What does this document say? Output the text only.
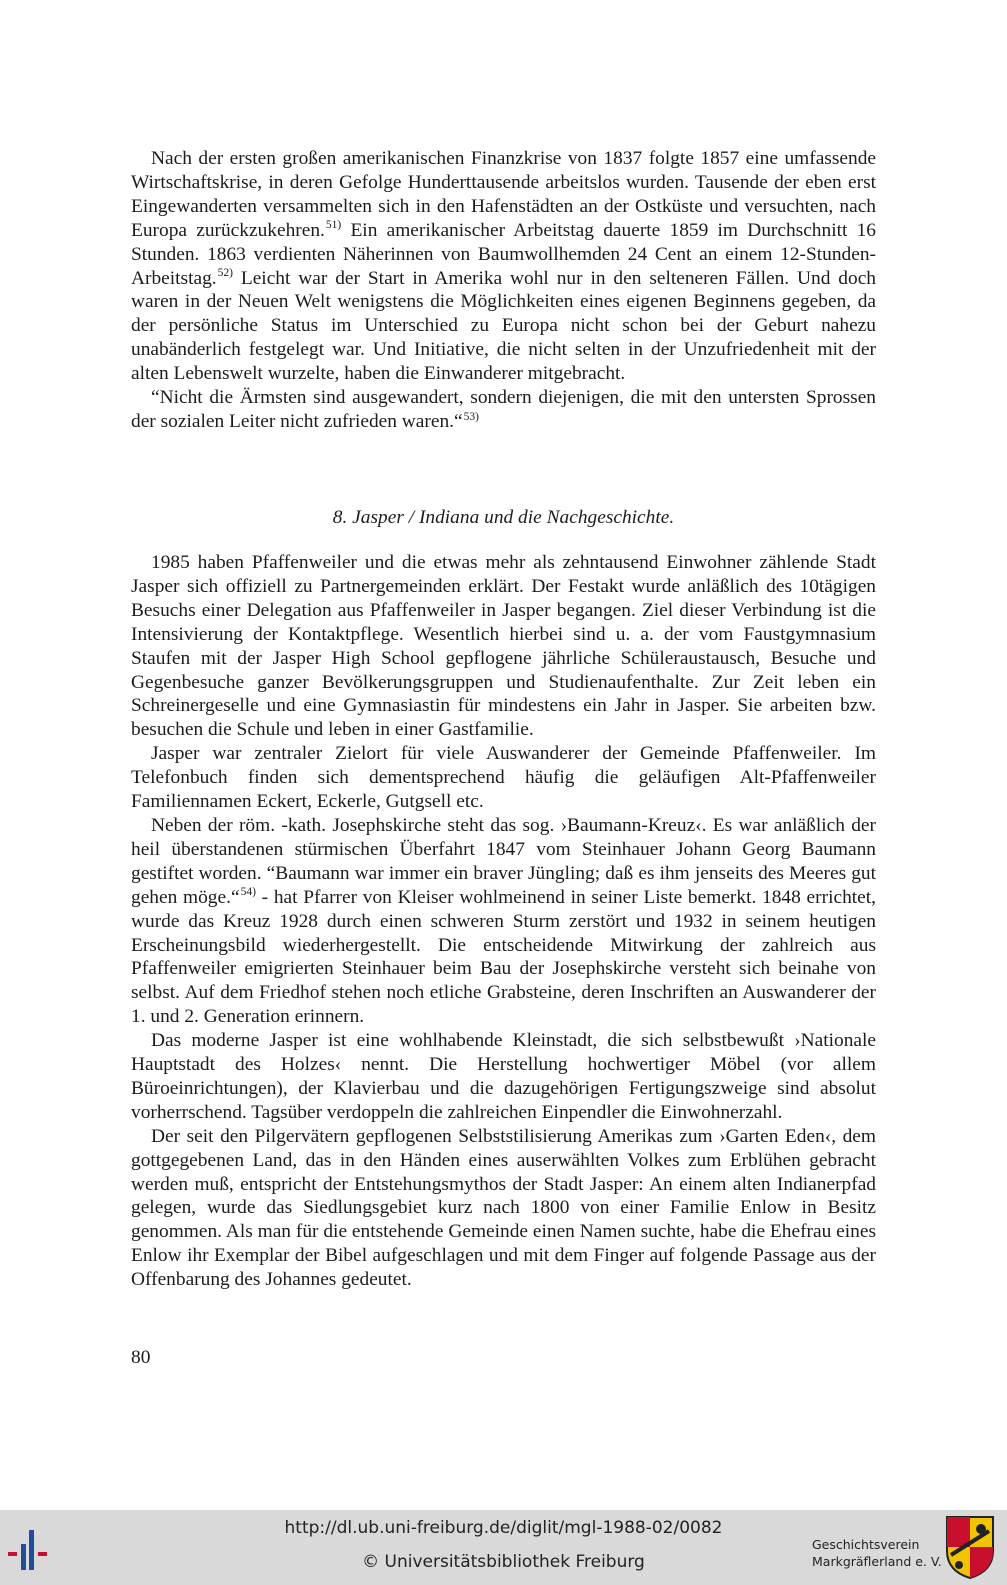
Nach der ersten großen amerikanischen Finanzkrise von 1837 folgte 1857 eine umfassende Wirtschaftskrise, in deren Gefolge Hunderttausende arbeitslos wurden. Tausende der eben erst Eingewanderten versammelten sich in den Hafenstädten an der Ostküste und versuchten, nach Europa zurückzukehren.$^{51)}$ Ein amerikanischer Arbeitstag dauerte 1859 im Durchschnitt 16 Stunden. 1863 verdienten Näherinnen von Baumwollhemden 24 Cent an einem 12-Stunden-Arbeitstag.$^{52)}$ Leicht war der Start in Amerika wohl nur in den selteneren Fällen. Und doch waren in der Neuen Welt wenigstens die Möglichkeiten eines eigenen Beginnens gegeben, da der persönliche Status im Unterschied zu Europa nicht schon bei der Geburt nahezu unabänderlich festgelegt war. Und Initiative, die nicht selten in der Unzufriedenheit mit der alten Lebenswelt wurzelte, haben die Einwanderer mitgebracht.

“Nicht die Ärmsten sind ausgewandert, sondern diejenigen, die mit den untersten Sprossen der sozialen Leiter nicht zufrieden waren.“$^{53)}$

8. Jasper / Indiana und die Nachgeschichte.

1985 haben Pfaffenweiler und die etwas mehr als zehntausend Einwohner zählende Stadt Jasper sich offiziell zu Partnergemeinden erklärt. Der Festakt wurde anläßlich des 10tägigen Besuchs einer Delegation aus Pfaffenweiler in Jasper begangen. Ziel dieser Verbindung ist die Intensivierung der Kontaktpflege. Wesentlich hierbei sind u. a. der vom Faustgymnasium Staufen mit der Jasper High School gepflogene jährliche Schüleraustausch, Besuche und Gegenbesuche ganzer Bevölkerungsgruppen und Studienaufenthalte. Zur Zeit leben ein Schreinergeselle und eine Gymnasiastin für mindestens ein Jahr in Jasper. Sie arbeiten bzw. besuchen die Schule und leben in einer Gastfamilie.

Jasper war zentraler Zielort für viele Auswanderer der Gemeinde Pfaffenweiler. Im Telefonbuch finden sich dementsprechend häufig die geläufigen Alt-Pfaffenweiler Familiennamen Eckert, Eckerle, Gutgsell etc.

Neben der röm. -kath. Josephskirche steht das sog. ›Baumann-Kreuz‹. Es war anläßlich der heil überstandenen stürmischen Überfahrt 1847 vom Steinhauer Johann Georg Baumann gestiftet worden. “Baumann war immer ein braver Jüngling; daß es ihm jenseits des Meeres gut gehen möge.“$^{54)}$ - hat Pfarrer von Kleiser wohlmeinend in seiner Liste bemerkt. 1848 errichtet, wurde das Kreuz 1928 durch einen schweren Sturm zerstört und 1932 in seinem heutigen Erscheinungsbild wiederhergestellt. Die entscheidende Mitwirkung der zahlreich aus Pfaffenweiler emigrierten Steinhauer beim Bau der Josephskirche versteht sich beinahe von selbst. Auf dem Friedhof stehen noch etliche Grabsteine, deren Inschriften an Auswanderer der 1. und 2. Generation erinnern.

Das moderne Jasper ist eine wohlhabende Kleinstadt, die sich selbstbewußt ›Nationale Hauptstadt des Holzes‹ nennt. Die Herstellung hochwertiger Möbel (vor allem Büroeinrichtungen), der Klavierbau und die dazugehörigen Fertigungszweige sind absolut vorherrschend. Tagsüber verdoppeln die zahlreichen Einpendler die Einwohnerzahl.

Der seit den Pilgervätern gepflogenen Selbststilisierung Amerikas zum ›Garten Eden‹, dem gottgegebenen Land, das in den Händen eines auserwählten Volkes zum Erblühen gebracht werden muß, entspricht der Entstehungsmythos der Stadt Jasper: An einem alten Indianerpfad gelegen, wurde das Siedlungsgebiet kurz nach 1800 von einer Familie Enlow in Besitz genommen. Als man für die entstehende Gemeinde einen Namen suchte, habe die Ehefrau eines Enlow ihr Exemplar der Bibel aufgeschlagen und mit dem Finger auf folgende Passage aus der Offenbarung des Johannes gedeutet.

80
http://dl.ub.uni-freiburg.de/diglit/mgl-1988-02/0082
© Universitätsbibliothek Freiburg
Geschichtsverein
Markgräflerland e. V.
